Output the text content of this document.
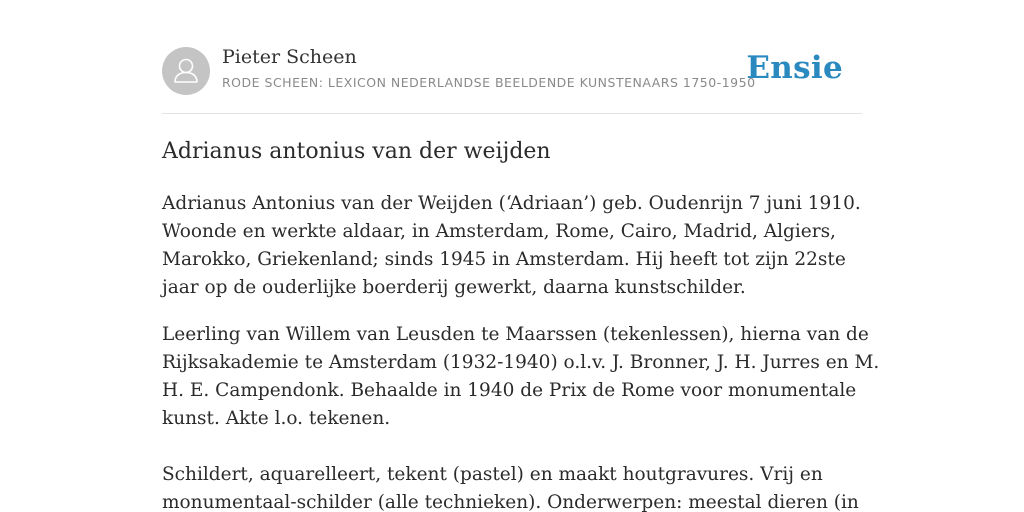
Pieter Scheen
RODE SCHEEN: LEXICON NEDERLANDSE BEELDENDE KUNSTENAARS 1750-1950
Ensie
Adrianus antonius van der weijden

Adrianus Antonius van der Weijden (‘Adriaan’) geb. Oudenrijn 7 juni 1910. Woonde en werkte aldaar, in Amsterdam, Rome, Cairo, Madrid, Algiers, Marokko, Griekenland; sinds 1945 in Amsterdam. Hij heeft tot zijn 22ste jaar op de ouderlijke boerderij gewerkt, daarna kunstschilder.

Leerling van Willem van Leusden te Maarssen (tekenlessen), hierna van de Rijksakademie te Amsterdam (1932-1940) o.l.v. J. Bronner, J. H. Jurres en M. H. E. Campendonk. Behaalde in 1940 de Prix de Rome voor monumentale kunst. Akte l.o. tekenen.

Schildert, aquarelleert, tekent (pastel) en maakt houtgravures. Vrij en monumentaal-schilder (alle technieken). Onderwerpen: meestal dieren (in
